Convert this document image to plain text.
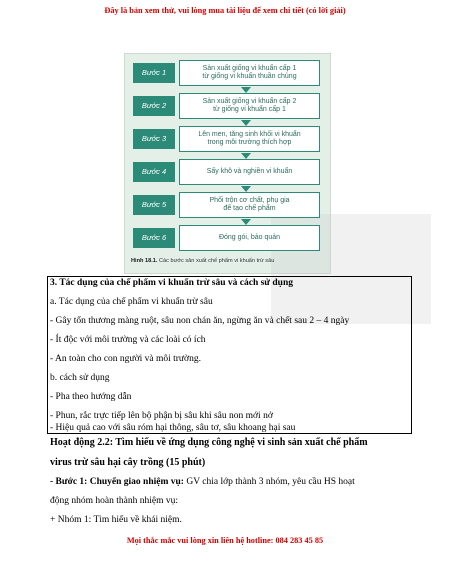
Đây là bản xem thử, vui lòng mua tài liệu để xem chi tiết (có lời giải)
Bước 1	Sản xuất giống vi khuẩn cấp 1
từ giống vi khuẩn thuần chủng
Bước 2	Sản xuất giống vi khuẩn cấp 2
từ giống vi khuẩn cấp 1
Bước 3	Lên men, tăng sinh khối vi khuẩn
trong môi trường thích hợp
Bước 4	Sấy khô và nghiền vi khuẩn
Bước 5	Phối trộn cơ chất, phụ gia
để tạo chế phẩm
Bước 6	Đóng gói, bảo quản
Hình 18.1. Các bước sản xuất chế phẩm vi khuẩn trừ sâu
3. Tác dụng của chế phẩm vi khuẩn trừ sâu và cách sử dụng
a. Tác dụng của chế phẩm vi khuẩn trừ sâu
- Gây tổn thương màng ruột, sâu non chán ăn, ngừng ăn và chết sau 2 – 4 ngày
- Ít độc với môi trường và các loài có ích
- An toàn cho con người và môi trường.
b. cách sử dụng
- Pha theo hướng dẫn
- Phun, rắc trực tiếp lên bộ phận bị sâu khi sâu non mới nở
- Hiệu quả cao với sâu róm hại thông, sâu tơ, sâu khoang hại sau
Hoạt động 2.2: Tìm hiểu về ứng dụng công nghệ vi sinh sản xuất chế phẩm
virus trừ sâu hại cây trồng (15 phút)
- Bước 1: Chuyển giao nhiệm vụ: GV chia lớp thành 3 nhóm, yêu cầu HS hoạt
động nhóm hoàn thành nhiệm vụ:
+ Nhóm 1: Tìm hiểu về khái niệm.
Mọi thắc mắc vui lòng xin liên hệ hotline: 084 283 45 85
